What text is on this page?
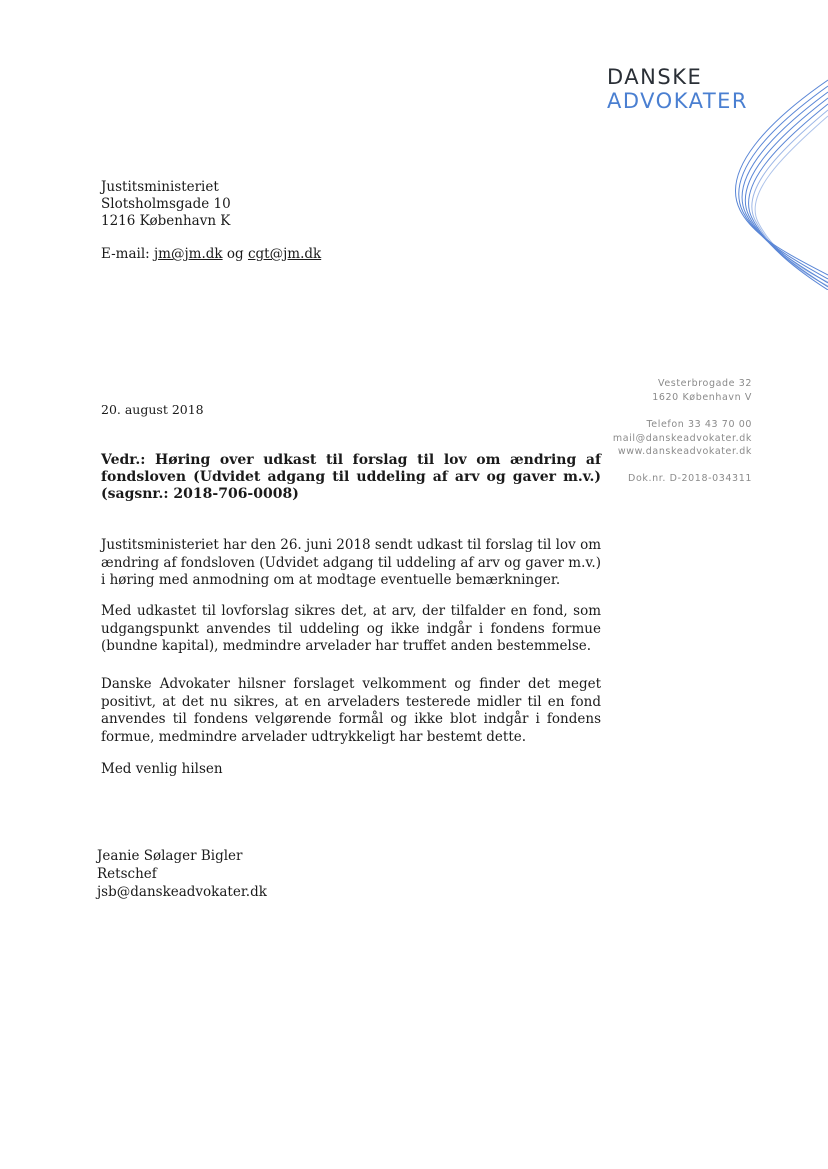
DANSKE
ADVOKATER
Justitsministeriet
Slotsholmsgade 10
1216 København K
E-mail: jm@jm.dk og cgt@jm.dk
Vesterbrogade 32
1620 København V
Telefon 33 43 70 00
mail@danskeadvokater.dk
www.danskeadvokater.dk
Dok.nr. D-2018-034311
20. august 2018
Vedr.: Høring over udkast til forslag til lov om ændring af fondsloven (Udvidet adgang til uddeling af arv og gaver m.v.) (sagsnr.: 2018-706-0008)
Justitsministeriet har den 26. juni 2018 sendt udkast til forslag til lov om ændring af fondsloven (Udvidet adgang til uddeling af arv og gaver m.v.) i høring med anmodning om at modtage eventuelle bemærkninger.
Med udkastet til lovforslag sikres det, at arv, der tilfalder en fond, som udgangspunkt anvendes til uddeling og ikke indgår i fondens formue (bundne kapital), medmindre arvelader har truffet anden bestemmelse.
Danske Advokater hilsner forslaget velkomment og finder det meget positivt, at det nu sikres, at en arveladers testerede midler til en fond anvendes til fondens velgørende formål og ikke blot indgår i fondens formue, medmindre arvelader udtrykkeligt har bestemt dette.
Med venlig hilsen
Jeanie Sølager Bigler
Retschef
jsb@danskeadvokater.dk
